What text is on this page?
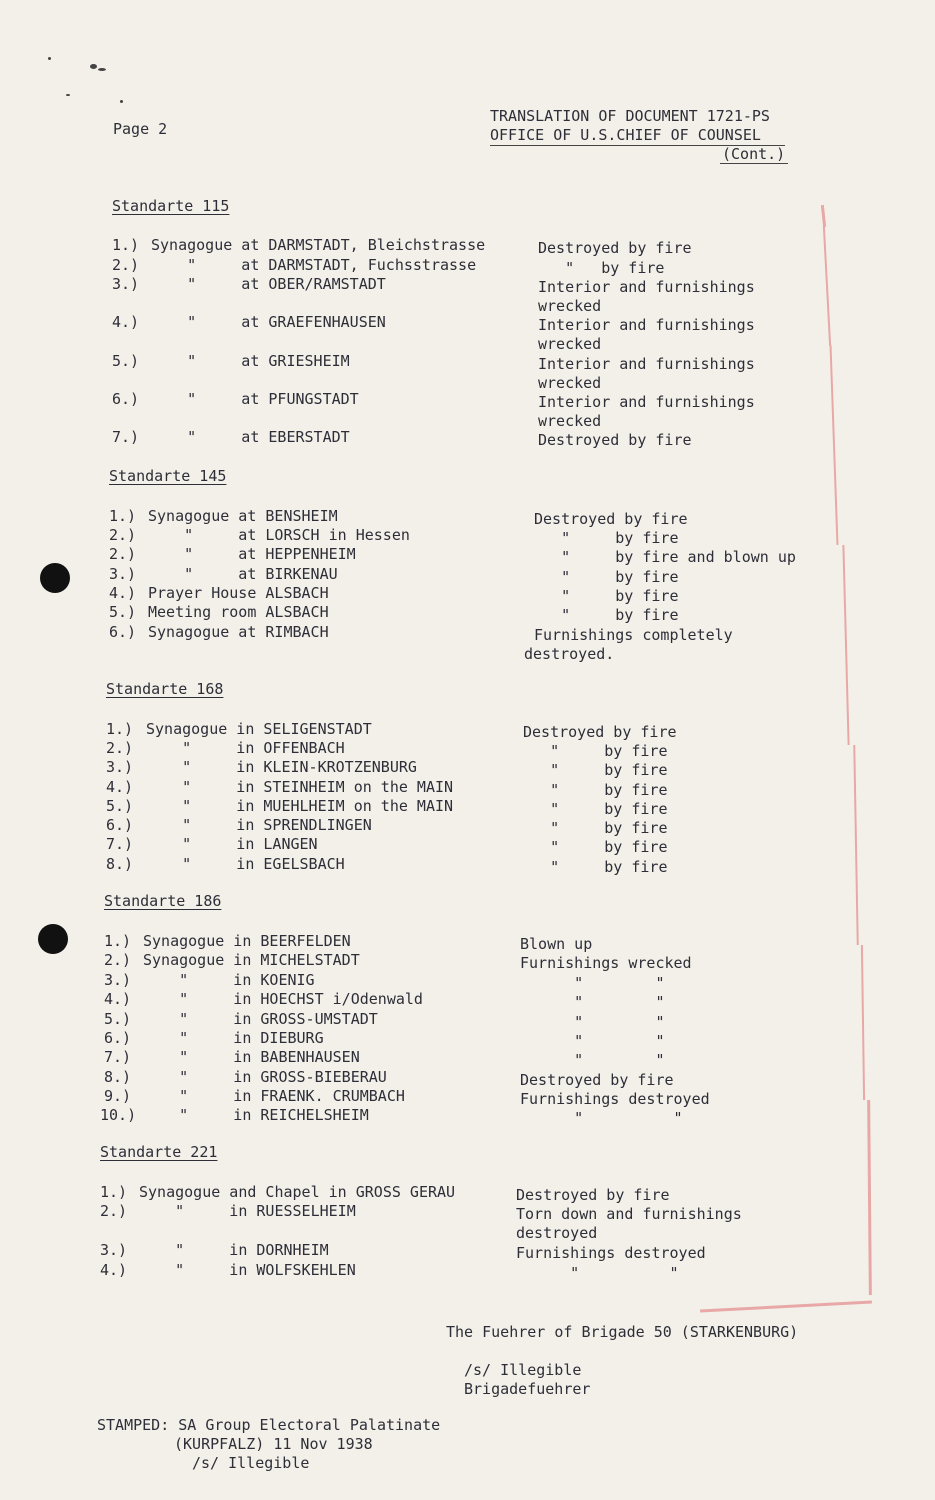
Page 2
TRANSLATION OF DOCUMENT 1721-PS
OFFICE OF U.S.CHIEF OF COUNSEL
(Cont.)
Standarte 115
1.) Synagogue at DARMSTADT, Bleichstrasse	Destroyed by fire
2.) "     at DARMSTADT, Fuchsstrasse	"   by fire
3.) "     at OBER/RAMSTADT	Interior and furnishings
wrecked
4.) "     at GRAEFENHAUSEN	Interior and furnishings
wrecked
5.) "     at GRIESHEIM	Interior and furnishings
wrecked
6.) "     at PFUNGSTADT	Interior and furnishings
wrecked
7.) "     at EBERSTADT	Destroyed by fire
Standarte 145
1.) Synagogue at BENSHEIM	Destroyed by fire
2.) "     at LORSCH in Hessen	"     by fire
2.) "     at HEPPENHEIM	"     by fire and blown up
3.) "     at BIRKENAU	"     by fire
4.) Prayer House ALSBACH	"     by fire
5.) Meeting room ALSBACH	"     by fire
6.) Synagogue at RIMBACH	Furnishings completely
destroyed.
Standarte 168
1.) Synagogue in SELIGENSTADT	Destroyed by fire
2.) "     in OFFENBACH	"     by fire
3.) "     in KLEIN-KROTZENBURG	"     by fire
4.) "     in STEINHEIM on the MAIN	"     by fire
5.) "     in MUEHLHEIM on the MAIN	"     by fire
6.) "     in SPRENDLINGEN	"     by fire
7.) "     in LANGEN	"     by fire
8.) "     in EGELSBACH	"     by fire
Standarte 186
1.) Synagogue in BEERFELDEN	Blown up
2.) Synagogue in MICHELSTADT	Furnishings wrecked
3.) "     in KOENIG	"        "
4.) "     in HOECHST i/Odenwald	"        "
5.) "     in GROSS-UMSTADT	"        "
6.) "     in DIEBURG	"        "
7.) "     in BABENHAUSEN	"        "
8.) "     in GROSS-BIEBERAU	Destroyed by fire
9.) "     in FRAENK. CRUMBACH	Furnishings destroyed
10.) "     in REICHELSHEIM	"          "
Standarte 221
1.) Synagogue and Chapel in GROSS GERAU	Destroyed by fire
2.) "     in RUESSELHEIM	Torn down and furnishings
destroyed
3.) "     in DORNHEIM	Furnishings destroyed
4.) "     in WOLFSKEHLEN	"          "
The Fuehrer of Brigade 50 (STARKENBURG)
/s/ Illegible
Brigadefuehrer
STAMPED: SA Group Electoral Palatinate
(KURPFALZ) 11 Nov 1938
/s/ Illegible
